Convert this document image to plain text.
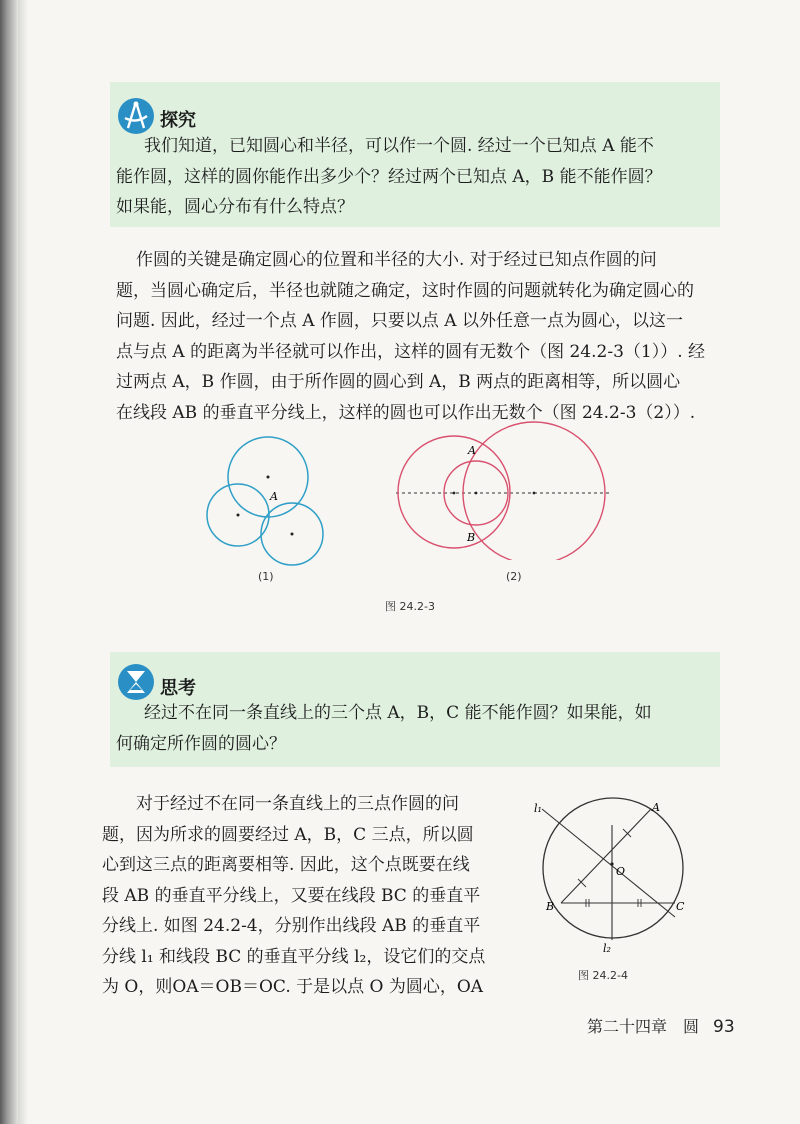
探究
我们知道，已知圆心和半径，可以作一个圆. 经过一个已知点 A 能不
能作圆，这样的圆你能作出多少个？经过两个已知点 A，B 能不能作圆？
如果能，圆心分布有什么特点？
作圆的关键是确定圆心的位置和半径的大小. 对于经过已知点作圆的问
题，当圆心确定后，半径也就随之确定，这时作圆的问题就转化为确定圆心的
问题. 因此，经过一个点 A 作圆，只要以点 A 以外任意一点为圆心，以这一
点与点 A 的距离为半径就可以作出，这样的圆有无数个（图 24.2-3（1））. 经
过两点 A，B 作圆，由于所作圆的圆心到 A，B 两点的距离相等，所以圆心
在线段 AB 的垂直平分线上，这样的圆也可以作出无数个（图 24.2-3（2））.
A
(1)
A
B
(2)
图 24.2-3
思考
经过不在同一条直线上的三个点 A，B，C 能不能作圆？如果能，如
何确定所作圆的圆心？
对于经过不在同一条直线上的三点作圆的问
题，因为所求的圆要经过 A，B，C 三点，所以圆
心到这三点的距离要相等. 因此，这个点既要在线
段 AB 的垂直平分线上，又要在线段 BC 的垂直平
分线上. 如图 24.2-4，分别作出线段 AB 的垂直平
分线 l₁ 和线段 BC 的垂直平分线 l₂，设它们的交点
为 O，则OA＝OB＝OC. 于是以点 O 为圆心，OA
l₁
l₂
A
B	C
O
图 24.2-4
第二十四章　圆 93
